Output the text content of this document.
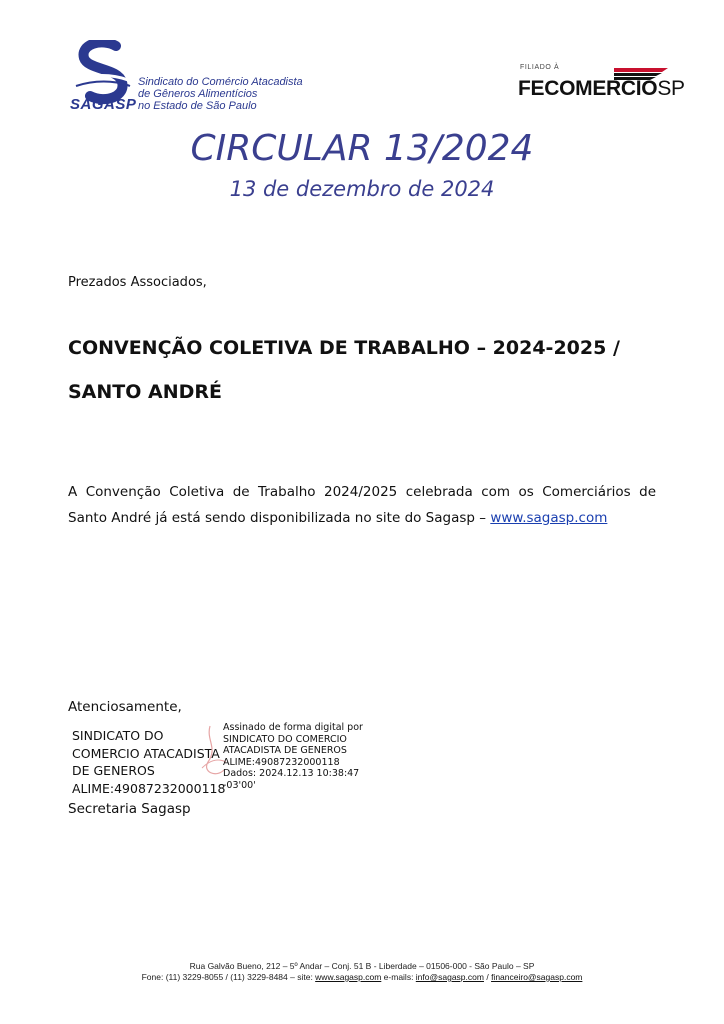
SAGASP
Sindicato do Comércio Atacadista
de Gêneros Alimentícios
no Estado de São Paulo
FILIADO À
FECOMERCIOSP
CIRCULAR 13/2024
13 de dezembro de 2024
Prezados Associados,
CONVENÇÃO COLETIVA DE TRABALHO – 2024-2025 /
SANTO ANDRÉ
A Convenção Coletiva de Trabalho 2024/2025 celebrada com os Comerciários de Santo André já está sendo disponibilizada no site do Sagasp – www.sagasp.com
Atenciosamente,
SINDICATO DO
COMERCIO ATACADISTA
DE GENEROS
ALIME:49087232000118
Assinado de forma digital por
SINDICATO DO COMERCIO
ATACADISTA DE GENEROS
ALIME:49087232000118
Dados: 2024.12.13 10:38:47
-03'00'
Secretaria Sagasp
Rua Galvão Bueno, 212 – 5º Andar – Conj. 51 B - Liberdade – 01506-000 - São Paulo – SP
Fone: (11) 3229-8055 / (11) 3229-8484 – site: www.sagasp.com e-mails: info@sagasp.com / financeiro@sagasp.com
